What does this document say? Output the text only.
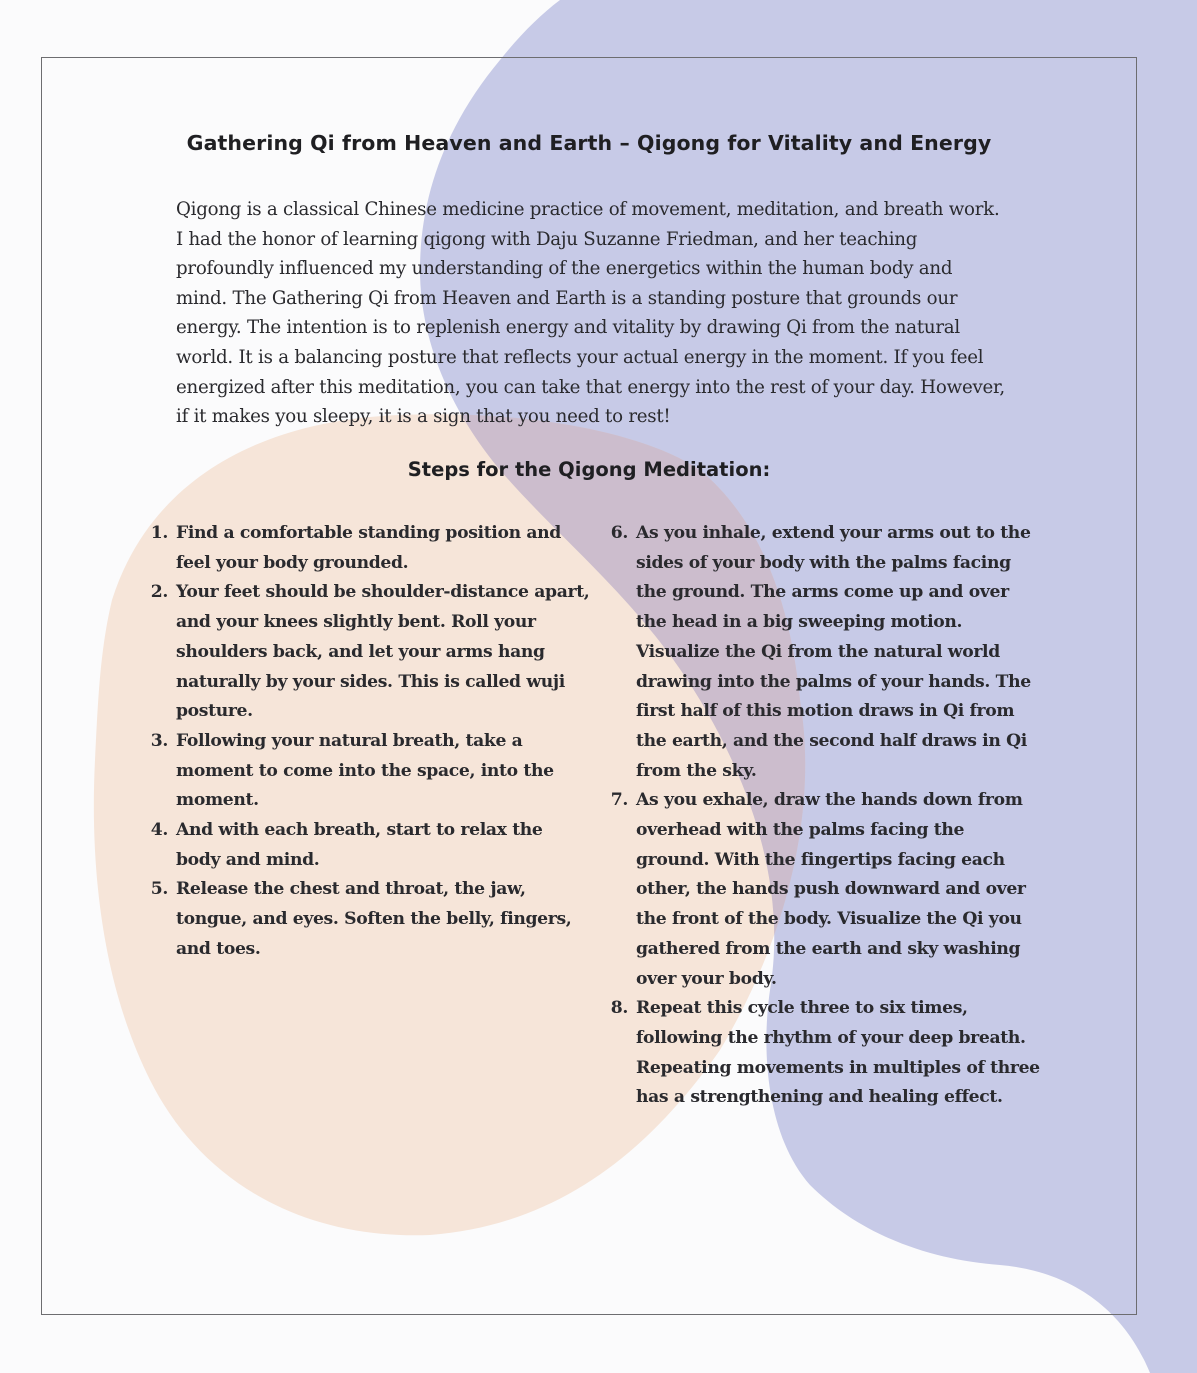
Gathering Qi from Heaven and Earth – Qigong for Vitality and Energy

Qigong is a classical Chinese medicine practice of movement, meditation, and breath work. I had the honor of learning qigong with Daju Suzanne Friedman, and her teaching profoundly influenced my understanding of the energetics within the human body and mind. The Gathering Qi from Heaven and Earth is a standing posture that grounds our energy. The intention is to replenish energy and vitality by drawing Qi from the natural world. It is a balancing posture that reflects your actual energy in the moment. If you feel energized after this meditation, you can take that energy into the rest of your day. However, if it makes you sleepy, it is a sign that you need to rest!

Steps for the Qigong Meditation:
1. Find a comfortable standing position and feel your body grounded.
2. Your feet should be shoulder-distance apart, and your knees slightly bent. Roll your shoulders back, and let your arms hang naturally by your sides. This is called wuji posture.
3. Following your natural breath, take a moment to come into the space, into the moment.
4. And with each breath, start to relax the body and mind.
5. Release the chest and throat, the jaw, tongue, and eyes. Soften the belly, fingers, and toes.
6. As you inhale, extend your arms out to the sides of your body with the palms facing the ground. The arms come up and over the head in a big sweeping motion. Visualize the Qi from the natural world drawing into the palms of your hands. The first half of this motion draws in Qi from the earth, and the second half draws in Qi from the sky.
7. As you exhale, draw the hands down from overhead with the palms facing the ground. With the fingertips facing each other, the hands push downward and over the front of the body. Visualize the Qi you gathered from the earth and sky washing over your body.
8. Repeat this cycle three to six times, following the rhythm of your deep breath. Repeating movements in multiples of three has a strengthening and healing effect.
